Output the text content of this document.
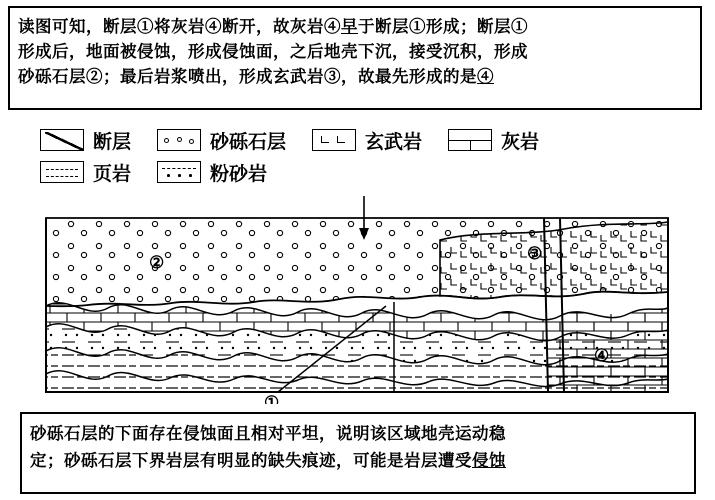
读图可知，断层①将灰岩④断开，故灰岩④早于断层①形成；断层①

形成后，地面被侵蚀，形成侵蚀面，之后地壳下沉，接受沉积，形成

砂砾石层②；最后岩浆喷出，形成玄武岩③，故最先形成的是④

断层	砂砾石层	玄武岩	灰岩
页岩	粉砂岩
②	③
④
①

砂砾石层的下面存在侵蚀面且相对平坦，说明该区域地壳运动稳

定；砂砾石层下界岩层有明显的缺失痕迹，可能是岩层遭受侵蚀
